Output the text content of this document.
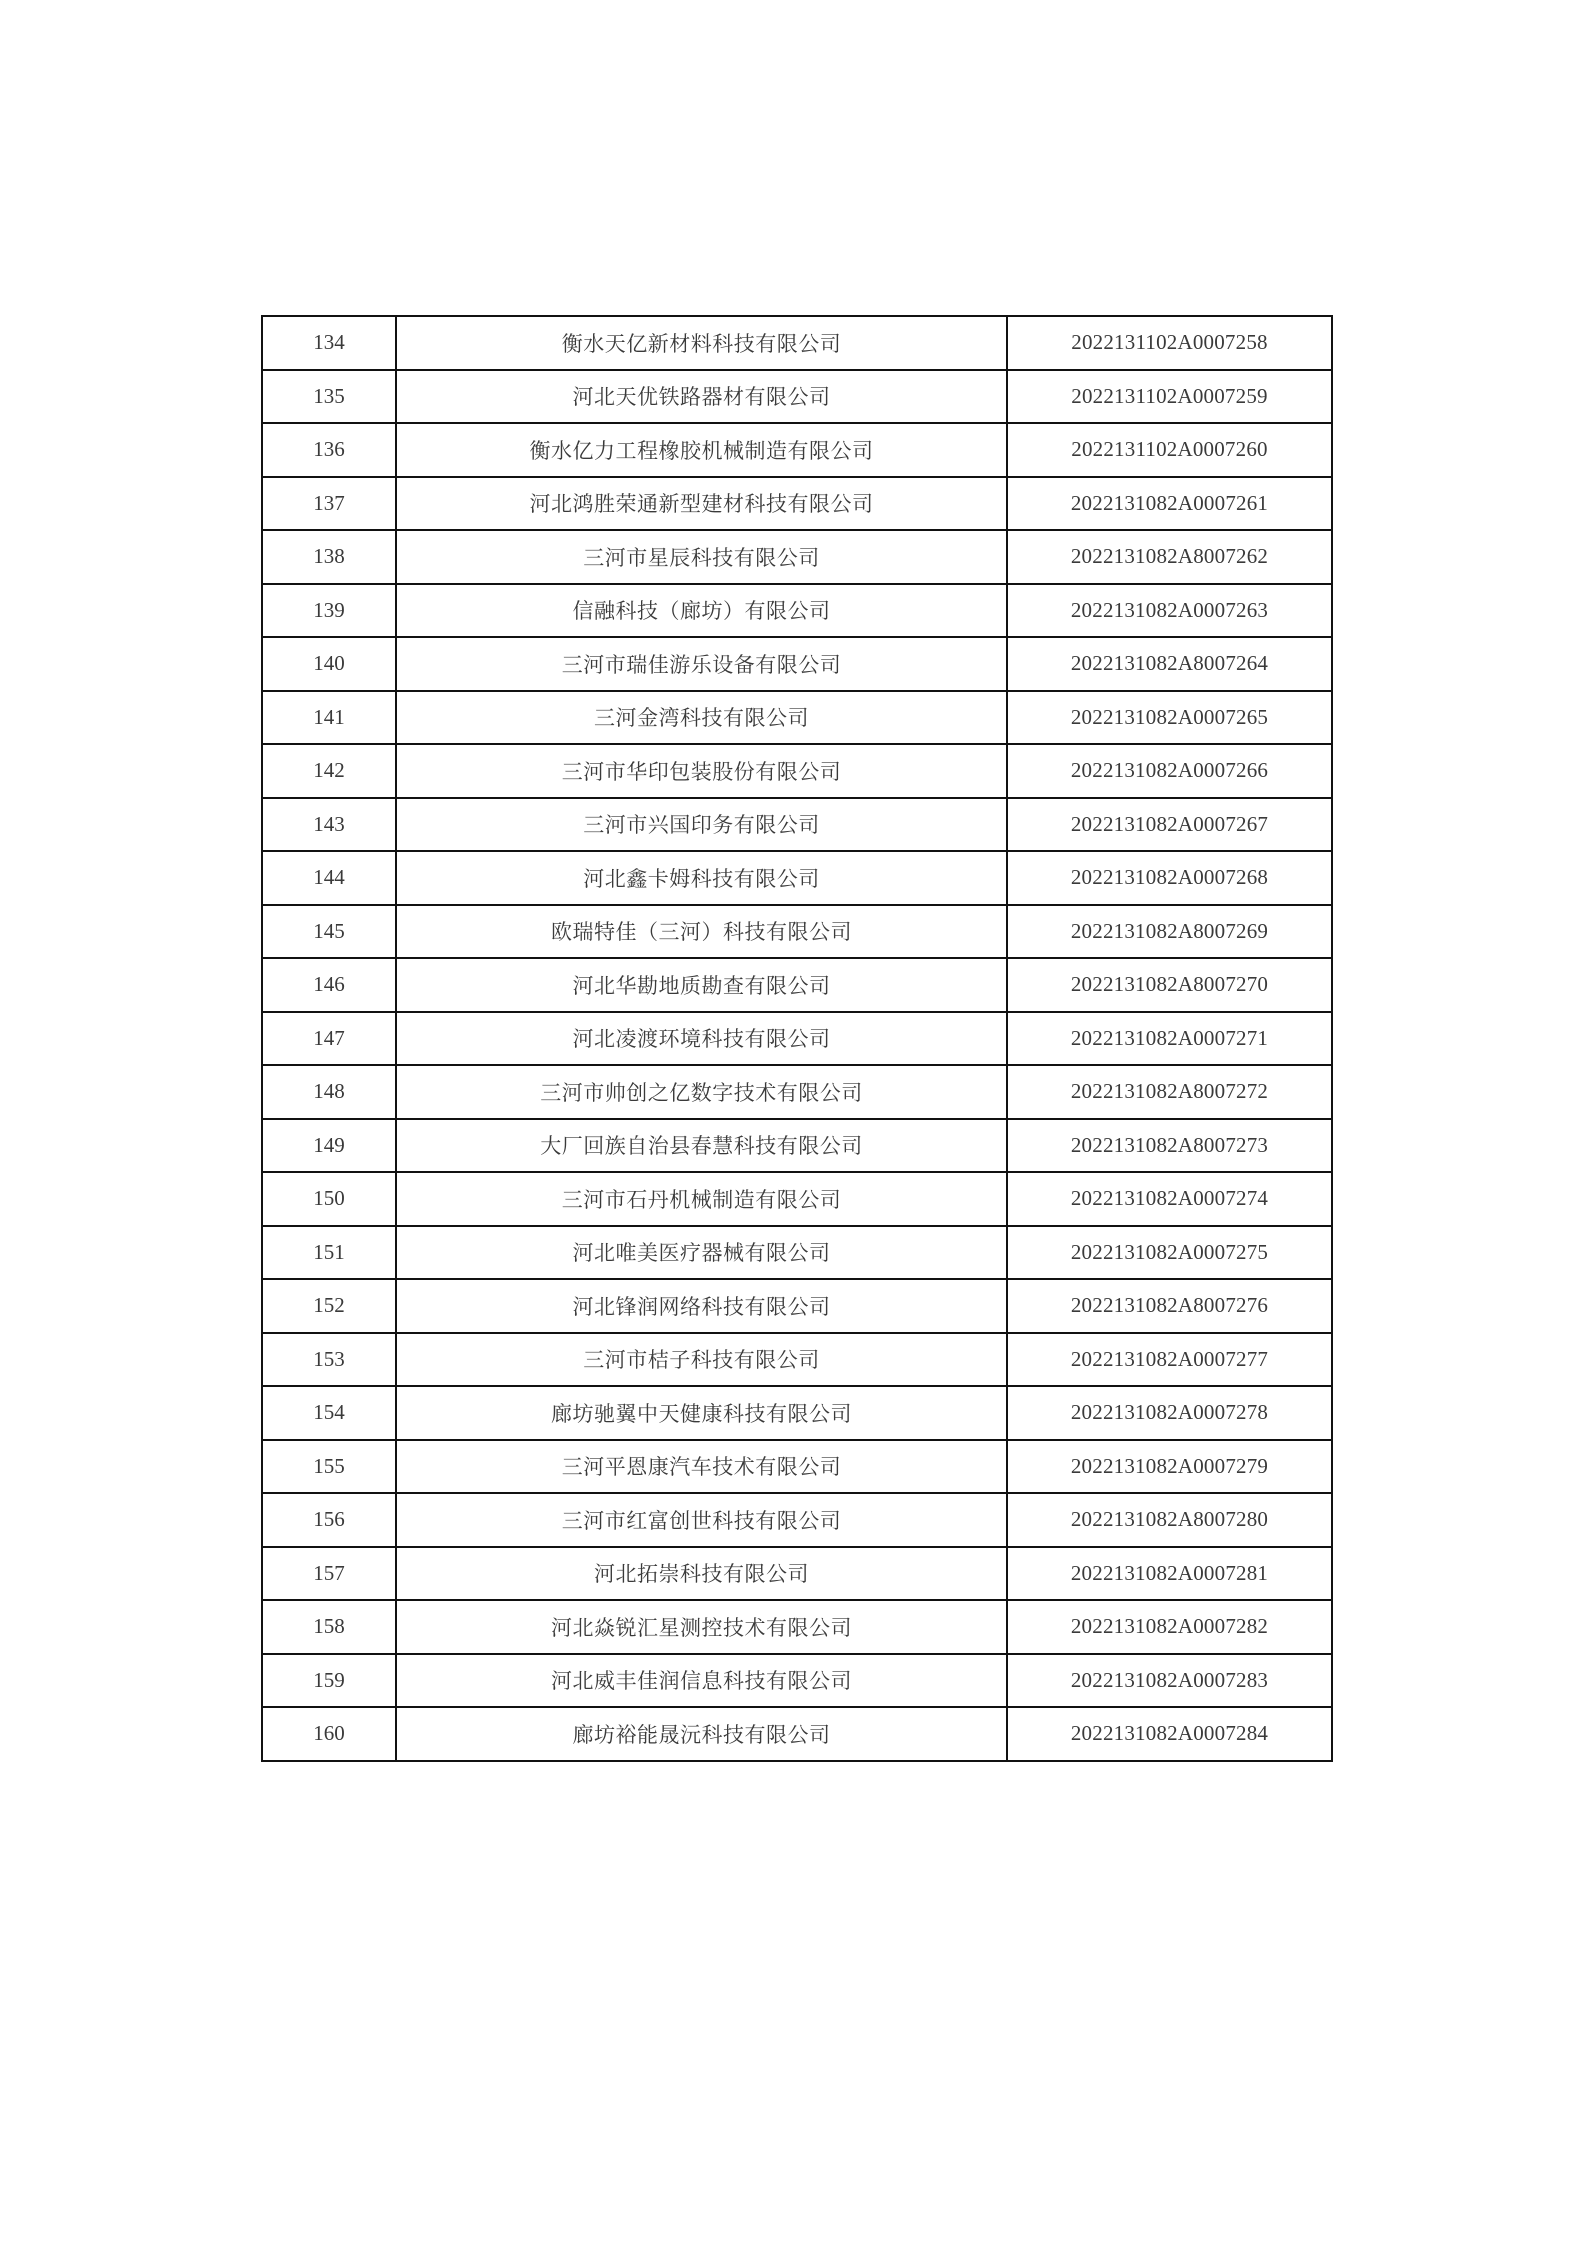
134	衡水天亿新材料科技有限公司	2022131102A0007258
135	河北天优铁路器材有限公司	2022131102A0007259
136	衡水亿力工程橡胶机械制造有限公司	2022131102A0007260
137	河北鸿胜荣通新型建材科技有限公司	2022131082A0007261
138	三河市星辰科技有限公司	2022131082A8007262
139	信融科技（廊坊）有限公司	2022131082A0007263
140	三河市瑞佳游乐设备有限公司	2022131082A8007264
141	三河金湾科技有限公司	2022131082A0007265
142	三河市华印包装股份有限公司	2022131082A0007266
143	三河市兴国印务有限公司	2022131082A0007267
144	河北鑫卡姆科技有限公司	2022131082A0007268
145	欧瑞特佳（三河）科技有限公司	2022131082A8007269
146	河北华勘地质勘查有限公司	2022131082A8007270
147	河北凌渡环境科技有限公司	2022131082A0007271
148	三河市帅创之亿数字技术有限公司	2022131082A8007272
149	大厂回族自治县春慧科技有限公司	2022131082A8007273
150	三河市石丹机械制造有限公司	2022131082A0007274
151	河北唯美医疗器械有限公司	2022131082A0007275
152	河北锋润网络科技有限公司	2022131082A8007276
153	三河市桔子科技有限公司	2022131082A0007277
154	廊坊驰翼中天健康科技有限公司	2022131082A0007278
155	三河平恩康汽车技术有限公司	2022131082A0007279
156	三河市红富创世科技有限公司	2022131082A8007280
157	河北拓崇科技有限公司	2022131082A0007281
158	河北焱锐汇星测控技术有限公司	2022131082A0007282
159	河北威丰佳润信息科技有限公司	2022131082A0007283
160	廊坊裕能晟沅科技有限公司	2022131082A0007284
